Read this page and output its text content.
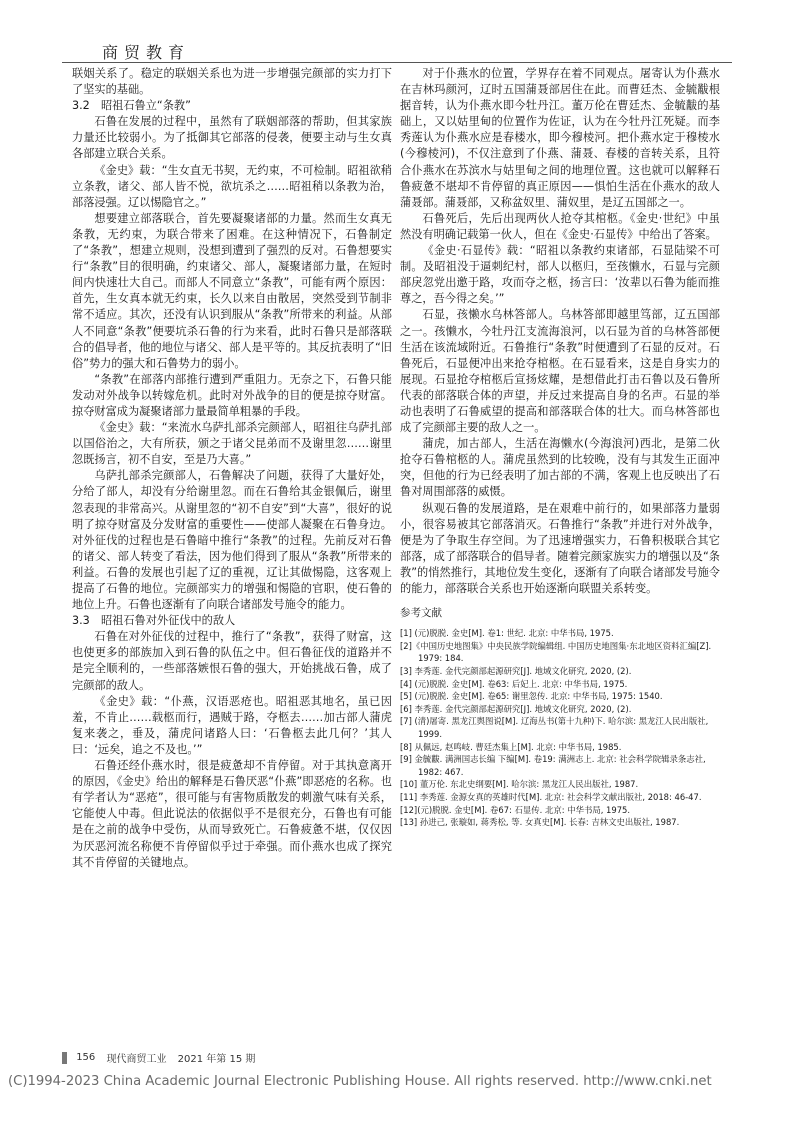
商贸教育

联姻关系了。稳定的联姻关系也为进一步增强完颜部的实力打下了坚实的基础。

3.2　昭祖石鲁立“条教”

石鲁在发展的过程中，虽然有了联姻部落的帮助，但其家族力量还比较弱小。为了抵御其它部落的侵袭，便要主动与生女真各部建立联合关系。

《金史》载：“生女直无书契，无约束，不可检制。昭祖欲稍立条教，诸父、部人皆不悦，欲坑杀之……昭祖稍以条教为治，部落浸强。辽以惕隐官之。”

想要建立部落联合，首先要凝聚诸部的力量。然而生女真无条教，无约束，为联合带来了困难。在这种情况下，石鲁制定了“条教”，想建立规则，没想到遭到了强烈的反对。石鲁想要实行“条教”目的很明确，约束诸父、部人，凝聚诸部力量，在短时间内快速壮大自己。而部人不同意立“条教”，可能有两个原因：首先，生女真本就无约束，长久以来自由散居，突然受到节制非常不适应。其次，还没有认识到服从“条教”所带来的利益。从部人不同意“条教”便要坑杀石鲁的行为来看，此时石鲁只是部落联合的倡导者，他的地位与诸父、部人是平等的。其反抗表明了“旧俗”势力的强大和石鲁势力的弱小。

“条教”在部落内部推行遭到严重阻力。无奈之下，石鲁只能发动对外战争以转嫁危机。此时对外战争的目的便是掠夺财富。掠夺财富成为凝聚诸部力量最简单粗暴的手段。

《金史》载：“来流水乌萨扎部杀完颜部人，昭祖往乌萨扎部以国俗治之，大有所获，颁之于诸父昆弟而不及谢里忽……谢里忽既扬言，初不自安，至是乃大喜。”

乌萨扎部杀完颜部人，石鲁解决了问题，获得了大量好处，分给了部人，却没有分给谢里忽。而在石鲁给其金银佩后，谢里忽表现的非常高兴。从谢里忽的“初不自安”到“大喜”，很好的说明了掠夺财富及分发财富的重要性——使部人凝聚在石鲁身边。对外征伐的过程也是石鲁暗中推行“条教”的过程。先前反对石鲁的诸父、部人转变了看法，因为他们得到了服从“条教”所带来的利益。石鲁的发展也引起了辽的重视，辽让其做惕隐，这客观上提高了石鲁的地位。完颜部实力的增强和惕隐的官职，使石鲁的地位上升。石鲁也逐渐有了向联合诸部发号施令的能力。

3.3　昭祖石鲁对外征伐中的敌人

石鲁在对外征伐的过程中，推行了“条教”，获得了财富，这也使更多的部族加入到石鲁的队伍之中。但石鲁征伐的道路并不是完全顺利的，一些部落嫉恨石鲁的强大，开始挑战石鲁，成了完颜部的敌人。

《金史》载：“仆燕，汉语恶疮也。昭祖恶其地名，虽已因羞，不肯止……载柩而行，遇贼于路，夺柩去……加古部人蒲虎复来袭之，垂及，蒲虎问诸路人曰：‘石鲁柩去此几何？’其人曰：‘远矣，追之不及也。’”

石鲁还经仆燕水时，很是疲惫却不肯停留。对于其执意离开的原因，《金史》给出的解释是石鲁厌恶“仆燕”即恶疮的名称。也有学者认为“恶疮”，很可能与有害物质散发的刺激气味有关系，它能使人中毒。但此说法的依据似乎不是很充分，石鲁也有可能是在之前的战争中受伤，从而导致死亡。石鲁疲惫不堪，仅仅因为厌恶河流名称便不肯停留似乎过于牵强。而仆燕水也成了探究其不肯停留的关键地点。

对于仆燕水的位置，学界存在着不同观点。屠寄认为仆燕水在吉林玛颜河，辽时五国蒲聂部居住在此。而曹廷杰、金毓黻根据音转，认为仆燕水即今牡丹江。董万伦在曹廷杰、金毓黻的基础上，又以姑里甸的位置作为佐证，认为在今牡丹江死疑。而李秀莲认为仆燕水应是春楼水，即今穆棱河。把仆燕水定于穆棱水(今穆棱河)，不仅注意到了仆燕、蒲聂、春楼的音转关系，且符合仆燕水在苏滨水与姑里甸之间的地理位置。这也就可以解释石鲁疲惫不堪却不肯停留的真正原因——惧怕生活在仆燕水的敌人蒲聂部。蒲聂部，又称盆奴里、蒲奴里，是辽五国部之一。

石鲁死后，先后出现两伙人抢夺其棺柩。《金史·世纪》中虽然没有明确记载第一伙人，但在《金史·石显传》中给出了答案。

《金史·石显传》载：“昭祖以条教约束诸部，石显陆梁不可制。及昭祖没于逼刺纪村，部人以柩归，至孩懒水，石显与完颜部戾忽党出邀于路，攻而夺之柩，扬言曰：‘汝辈以石鲁为能而推尊之，吾今得之矣。’”

石显，孩懒水乌林答部人。乌林答部即越里笃部，辽五国部之一。孩懒水，今牡丹江支流海浪河，以石显为首的乌林答部便生活在该流域附近。石鲁推行“条教”时便遭到了石显的反对。石鲁死后，石显便冲出来抢夺棺柩。在石显看来，这是自身实力的展现。石显抢夺棺柩后宣扬炫耀，是想借此打击石鲁以及石鲁所代表的部落联合体的声望，并反过来提高自身的名声。石显的举动也表明了石鲁威望的提高和部落联合体的壮大。而乌林答部也成了完颜部主要的敌人之一。

蒲虎，加古部人，生活在海懒水(今海浪河)西北，是第二伙抢夺石鲁棺柩的人。蒲虎虽然到的比较晚，没有与其发生正面冲突，但他的行为已经表明了加古部的不满，客观上也反映出了石鲁对周围部落的威慑。

纵观石鲁的发展道路，是在艰难中前行的，如果部落力量弱小，很容易被其它部落消灭。石鲁推行“条教”并进行对外战争，便是为了争取生存空间。为了迅速增强实力，石鲁积极联合其它部落，成了部落联合的倡导者。随着完颜家族实力的增强以及“条教”的悄然推行，其地位发生变化，逐渐有了向联合诸部发号施令的能力，部落联合关系也开始逐渐向联盟关系转变。

参考文献
[1] (元)脱脱. 金史[M]. 卷1: 世纪. 北京: 中华书局, 1975.
[2]《中国历史地图集》中央民族学院编辑组. 中国历史地图集·东北地区资料汇编[Z]. 1979: 184.
[3] 李秀莲. 金代完颜部起源研究[J]. 地域文化研究, 2020, (2).
[4] (元)脱脱. 金史[M]. 卷63: 后妃上. 北京: 中华书局, 1975.
[5] (元)脱脱. 金史[M]. 卷65: 谢里忽传. 北京: 中华书局, 1975: 1540.
[6] 李秀莲. 金代完颜部起源研究[J]. 地域文化研究, 2020, (2).
[7] (清)屠寄. 黑龙江舆图说[M]. 辽海丛书(第十九种)下. 哈尔滨: 黑龙江人民出版社, 1999.
[8] 从佩远, 赵鸣岐. 曹廷杰集上[M]. 北京: 中华书局, 1985.
[9] 金毓黻. 满洲国志长编 下编[M]. 卷19: 满洲志上. 北京: 社会科学院辑录条志社, 1982: 467.
[10] 董万伦. 东北史纲要[M]. 哈尔滨: 黑龙江人民出版社, 1987.
[11] 李秀莲. 金源女真的英雄时代[M]. 北京: 社会科学文献出版社, 2018: 46-47.
[12](元)脱脱. 金史[M]. 卷67: 石显传. 北京: 中华书局, 1975.
[13] 孙进己, 张璇如, 蒋秀松, 等. 女真史[M]. 长春: 吉林文史出版社, 1987.
156 现代商贸工业 2021 年第 15 期
(C)1994-2023 China Academic Journal Electronic Publishing House. All rights reserved. http://www.cnki.net
